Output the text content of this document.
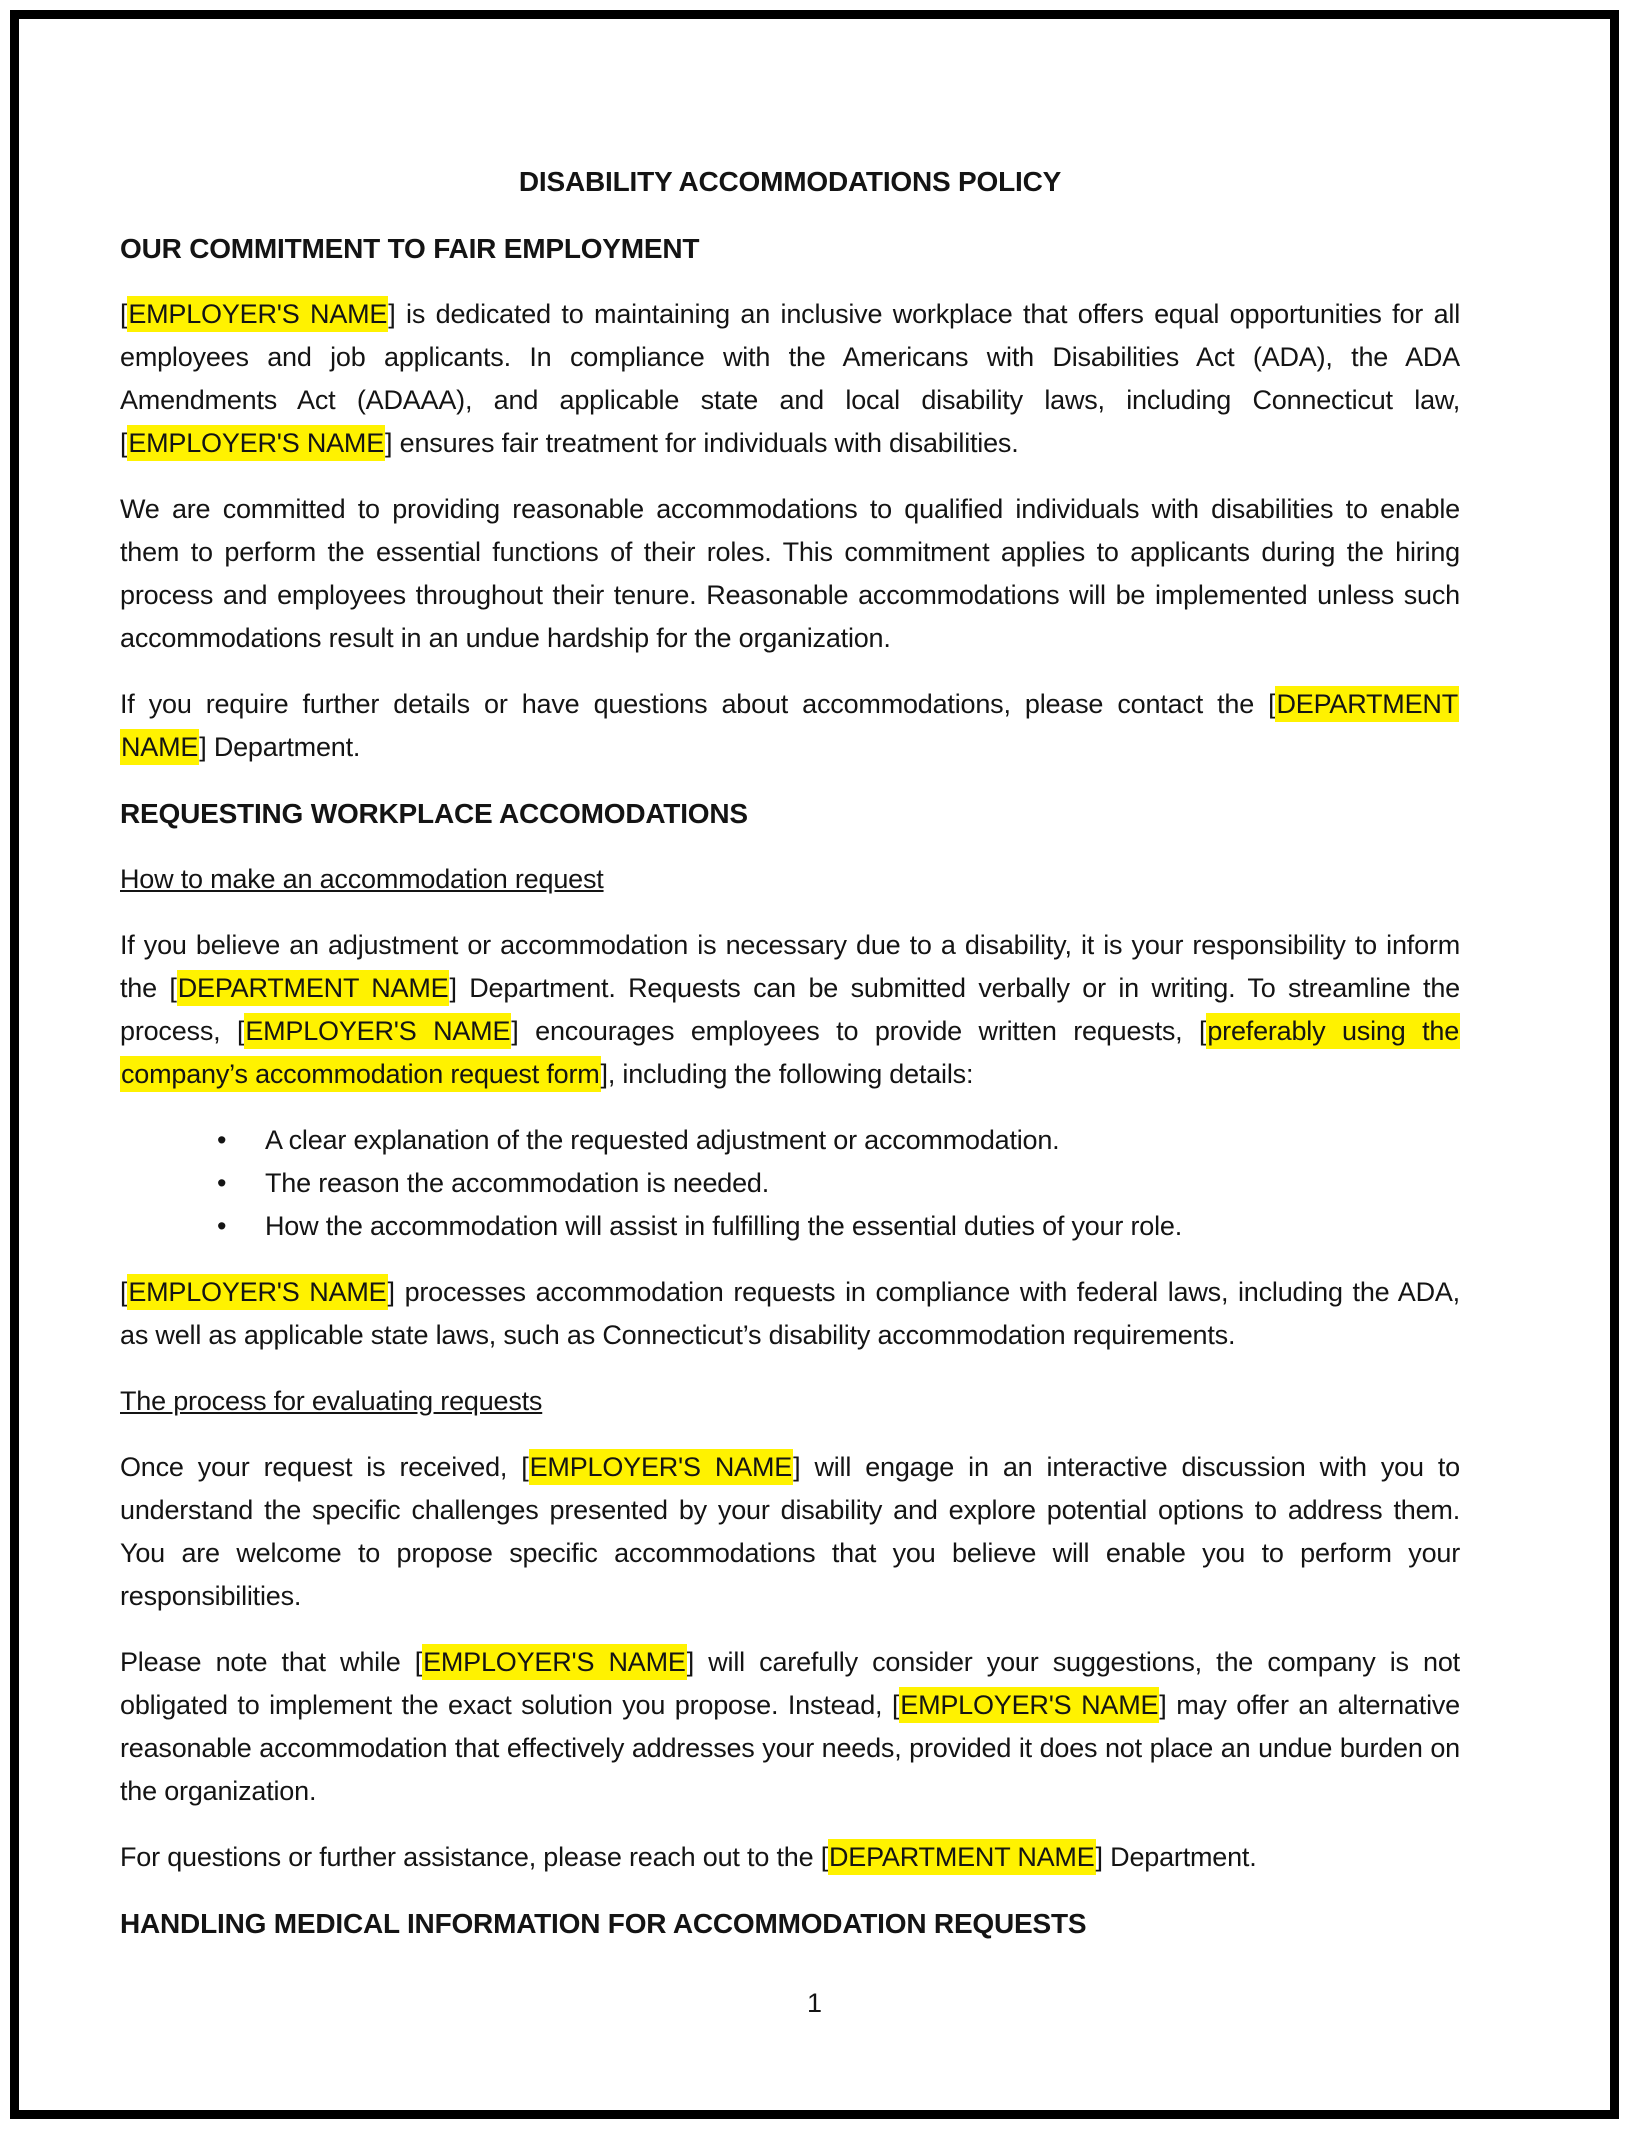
DISABILITY ACCOMMODATIONS POLICY
OUR COMMITMENT TO FAIR EMPLOYMENT

[EMPLOYER'S NAME] is dedicated to maintaining an inclusive workplace that offers equal opportunities for all employees and job applicants. In compliance with the Americans with Disabilities Act (ADA), the ADA Amendments Act (ADAAA), and applicable state and local disability laws, including Connecticut law, [EMPLOYER'S NAME] ensures fair treatment for individuals with disabilities.

We are committed to providing reasonable accommodations to qualified individuals with disabilities to enable them to perform the essential functions of their roles. This commitment applies to applicants during the hiring process and employees throughout their tenure. Reasonable accommodations will be implemented unless such accommodations result in an undue hardship for the organization.

If you require further details or have questions about accommodations, please contact the [DEPARTMENT NAME] Department.

REQUESTING WORKPLACE ACCOMODATIONS
How to make an accommodation request

If you believe an adjustment or accommodation is necessary due to a disability, it is your responsibility to inform the [DEPARTMENT NAME] Department. Requests can be submitted verbally or in writing. To streamline the process, [EMPLOYER'S NAME] encourages employees to provide written requests, [preferably using the company’s accommodation request form], including the following details:

• A clear explanation of the requested adjustment or accommodation.
• The reason the accommodation is needed.
• How the accommodation will assist in fulfilling the essential duties of your role.

[EMPLOYER'S NAME] processes accommodation requests in compliance with federal laws, including the ADA, as well as applicable state laws, such as Connecticut’s disability accommodation requirements.

The process for evaluating requests

Once your request is received, [EMPLOYER'S NAME] will engage in an interactive discussion with you to understand the specific challenges presented by your disability and explore potential options to address them. You are welcome to propose specific accommodations that you believe will enable you to perform your responsibilities.

Please note that while [EMPLOYER'S NAME] will carefully consider your suggestions, the company is not obligated to implement the exact solution you propose. Instead, [EMPLOYER'S NAME] may offer an alternative reasonable accommodation that effectively addresses your needs, provided it does not place an undue burden on the organization.

For questions or further assistance, please reach out to the [DEPARTMENT NAME] Department.

HANDLING MEDICAL INFORMATION FOR ACCOMMODATION REQUESTS
1
